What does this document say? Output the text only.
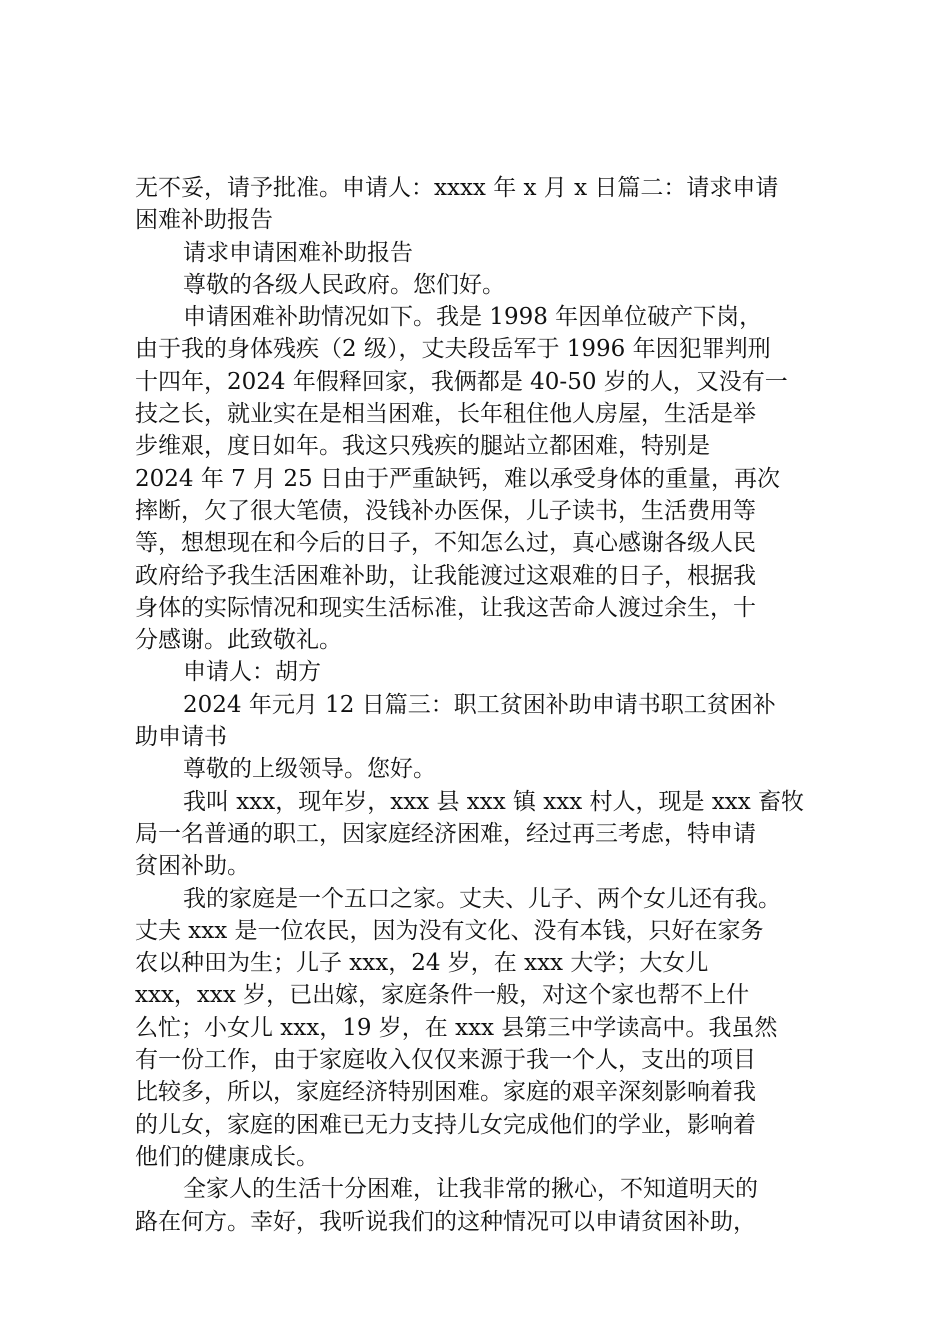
无不妥，请予批准。申请人：xxxx 年 x 月 x 日篇二：请求申请
困难补助报告
请求申请困难补助报告
尊敬的各级人民政府。您们好。
申请困难补助情况如下。我是 1998 年因单位破产下岗，
由于我的身体残疾（2 级），丈夫段岳军于 1996 年因犯罪判刑
十四年，2024 年假释回家，我俩都是 40-50 岁的人，又没有一
技之长，就业实在是相当困难，长年租住他人房屋，生活是举
步维艰，度日如年。我这只残疾的腿站立都困难，特别是
2024 年 7 月 25 日由于严重缺钙，难以承受身体的重量，再次
摔断，欠了很大笔债，没钱补办医保，儿子读书，生活费用等
等，想想现在和今后的日子，不知怎么过，真心感谢各级人民
政府给予我生活困难补助，让我能渡过这艰难的日子，根据我
身体的实际情况和现实生活标准，让我这苦命人渡过余生，十
分感谢。此致敬礼。
申请人：胡方
2024 年元月 12 日篇三：职工贫困补助申请书职工贫困补
助申请书
尊敬的上级领导。您好。
我叫 xxx，现年岁，xxx 县 xxx 镇 xxx 村人，现是 xxx 畜牧
局一名普通的职工，因家庭经济困难，经过再三考虑，特申请
贫困补助。
我的家庭是一个五口之家。丈夫、儿子、两个女儿还有我。
丈夫 xxx 是一位农民，因为没有文化、没有本钱，只好在家务
农以种田为生；儿子 xxx，24 岁，在 xxx 大学；大女儿
xxx，xxx 岁，已出嫁，家庭条件一般，对这个家也帮不上什
么忙；小女儿 xxx，19 岁，在 xxx 县第三中学读高中。我虽然
有一份工作，由于家庭收入仅仅来源于我一个人，支出的项目
比较多，所以，家庭经济特别困难。家庭的艰辛深刻影响着我
的儿女，家庭的困难已无力支持儿女完成他们的学业，影响着
他们的健康成长。
全家人的生活十分困难，让我非常的揪心，不知道明天的
路在何方。幸好，我听说我们的这种情况可以申请贫困补助，
